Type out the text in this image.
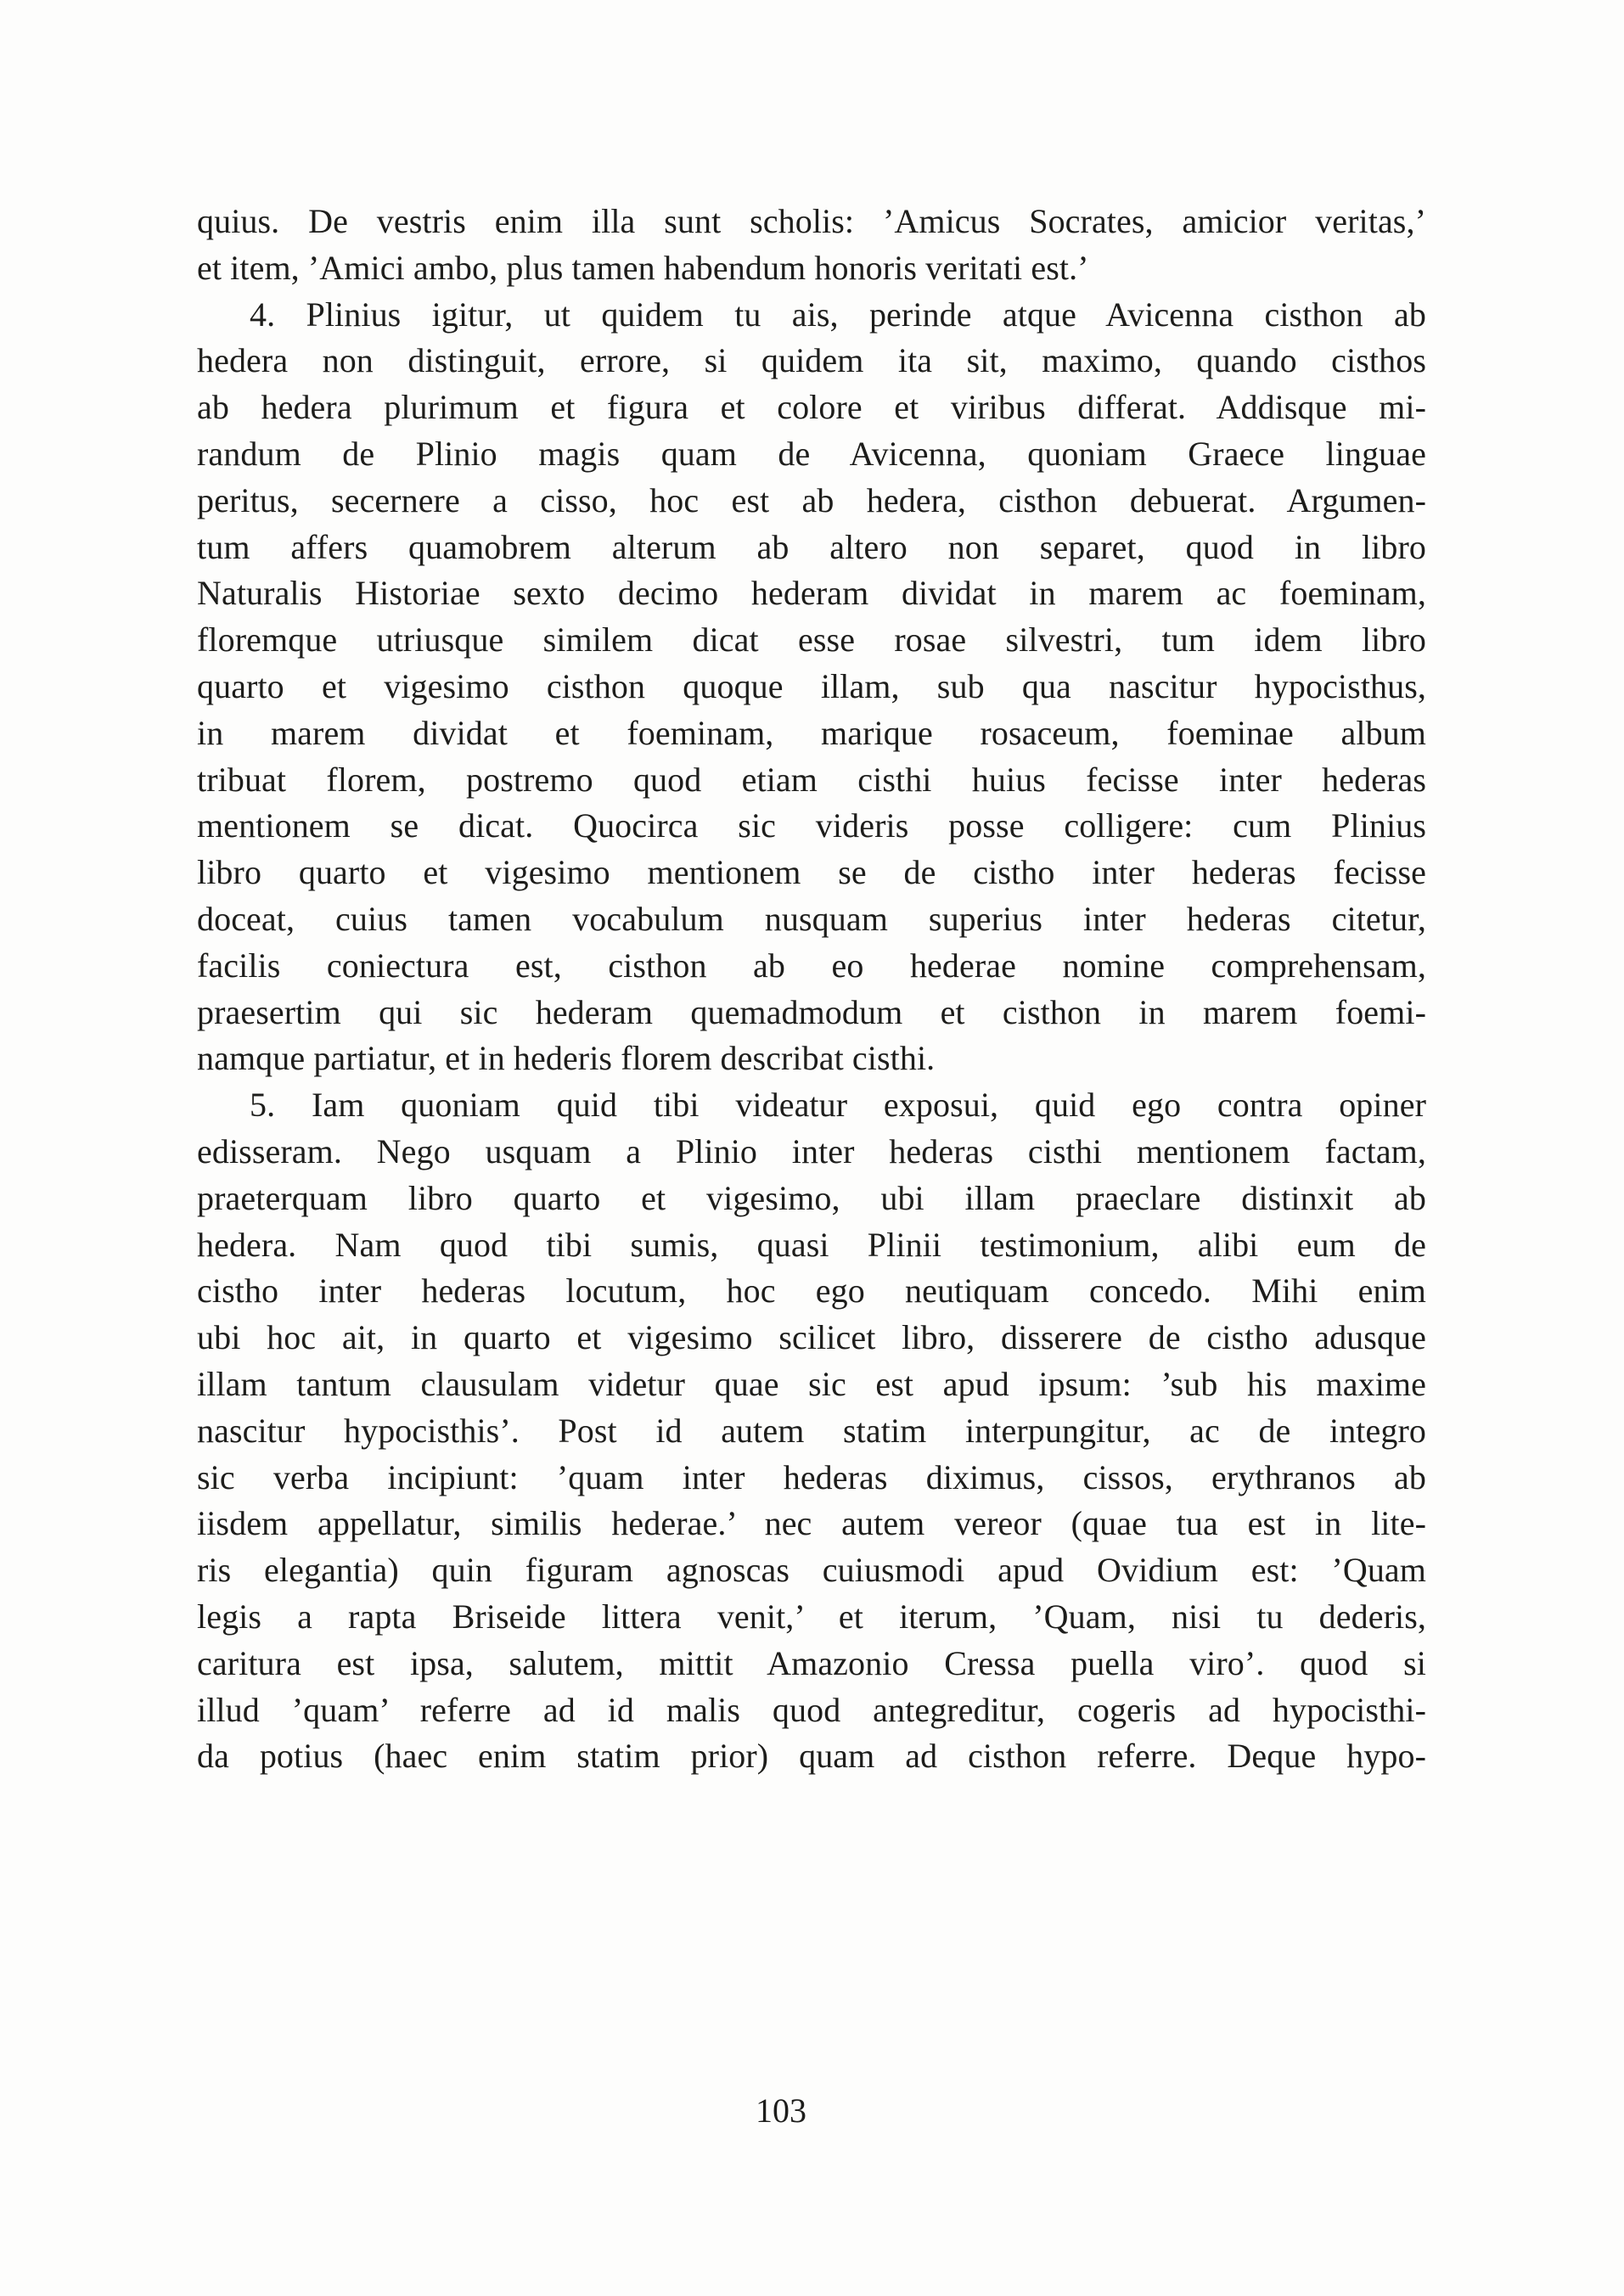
quius. De vestris enim illa sunt scholis: ’Amicus Socrates, amicior veritas,’
et item, ’Amici ambo, plus tamen habendum honoris veritati est.’
4. Plinius igitur, ut quidem tu ais, perinde atque Avicenna cisthon ab
hedera non distinguit, errore, si quidem ita sit, maximo, quando cisthos
ab hedera plurimum et figura et colore et viribus differat. Addisque mi-
randum de Plinio magis quam de Avicenna, quoniam Graece linguae
peritus, secernere a cisso, hoc est ab hedera, cisthon debuerat. Argumen-
tum affers quamobrem alterum ab altero non separet, quod in libro
Naturalis Historiae sexto decimo hederam dividat in marem ac foeminam,
floremque utriusque similem dicat esse rosae silvestri, tum idem libro
quarto et vigesimo cisthon quoque illam, sub qua nascitur hypocisthus,
in marem dividat et foeminam, marique rosaceum, foeminae album
tribuat florem, postremo quod etiam cisthi huius fecisse inter hederas
mentionem se dicat. Quocirca sic videris posse colligere: cum Plinius
libro quarto et vigesimo mentionem se de cistho inter hederas fecisse
doceat, cuius tamen vocabulum nusquam superius inter hederas citetur,
facilis coniectura est, cisthon ab eo hederae nomine comprehensam,
praesertim qui sic hederam quemadmodum et cisthon in marem foemi-
namque partiatur, et in hederis florem describat cisthi.
5. Iam quoniam quid tibi videatur exposui, quid ego contra opiner
edisseram. Nego usquam a Plinio inter hederas cisthi mentionem factam,
praeterquam libro quarto et vigesimo, ubi illam praeclare distinxit ab
hedera. Nam quod tibi sumis, quasi Plinii testimonium, alibi eum de
cistho inter hederas locutum, hoc ego neutiquam concedo. Mihi enim
ubi hoc ait, in quarto et vigesimo scilicet libro, disserere de cistho adusque
illam tantum clausulam videtur quae sic est apud ipsum: ’sub his maxime
nascitur hypocisthis’. Post id autem statim interpungitur, ac de integro
sic verba incipiunt: ’quam inter hederas diximus, cissos, erythranos ab
iisdem appellatur, similis hederae.’ nec autem vereor (quae tua est in lite-
ris elegantia) quin figuram agnoscas cuiusmodi apud Ovidium est: ’Quam
legis a rapta Briseide littera venit,’ et iterum, ’Quam, nisi tu dederis,
caritura est ipsa, salutem, mittit Amazonio Cressa puella viro’. quod si
illud ’quam’ referre ad id malis quod antegreditur, cogeris ad hypocisthi-
da potius (haec enim statim prior) quam ad cisthon referre. Deque hypo-
103
